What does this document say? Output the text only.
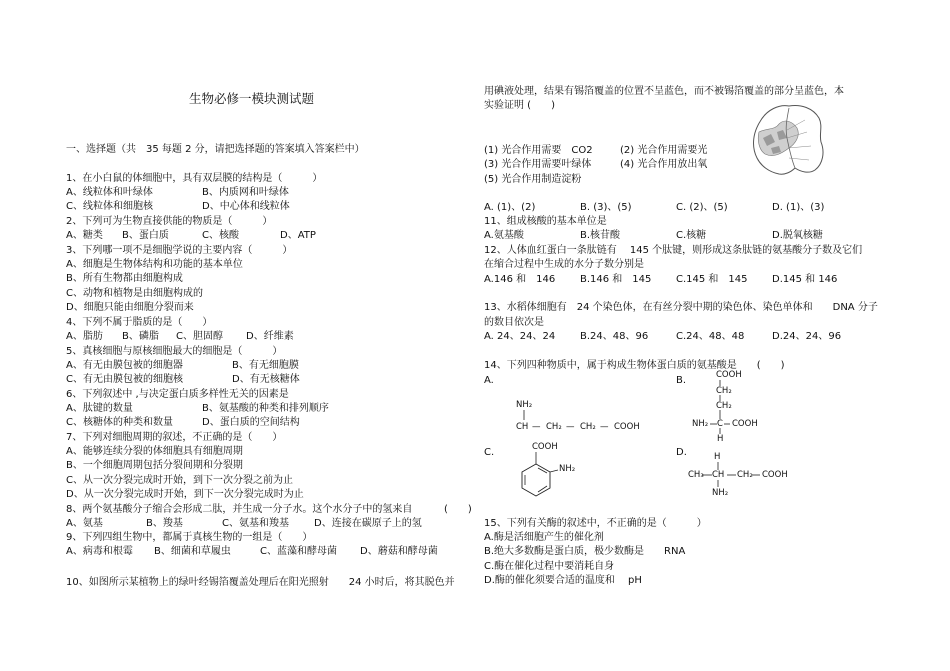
生物必修一模块测试题
一、选择题（共　35 每题 2 分，请把选择题的答案填入答案栏中）
1、在小白鼠的体细胞中，具有双层膜的结构是（　　　）
A、线粒体和叶绿体	B、内质网和叶绿体
C、线粒体和细胞核	D、中心体和线粒体
2、下列可为生物直接供能的物质是（　　　）
A、糖类 B、蛋白质	C、核酸	D、ATP
3、下列哪一项不是细胞学说的主要内容（　　　）
A、细胞是生物体结构和功能的基本单位
B、所有生物都由细胞构成
C、动物和植物是由细胞构成的
D、细胞只能由细胞分裂而来
4、下列不属于脂质的是（　　）
A、脂肪 B、磷脂 C、胆固醇 D、纤维素
5、真核细胞与原核细胞最大的细胞是（　　　）
A、有无由膜包被的细胞器	B、有无细胞膜
C、有无由膜包被的细胞核	D、有无核糖体
6、下列叙述中 ,与决定蛋白质多样性无关的因素是
A、肽键的数量	B、氨基酸的种类和排列顺序
C、核糖体的种类和数量	D、蛋白质的空间结构
7、下列对细胞周期的叙述，不正确的是（　　）
A、能够连续分裂的体细胞具有细胞周期
B、一个细胞周期包括分裂间期和分裂期
C、从一次分裂完成时开始，到下一次分裂之前为止
D、从一次分裂完成时开始，到下一次分裂完成时为止
8、两个氨基酸分子缩合会形成二肽，并生成一分子水。这个水分子中的氢来自	(　　)
A、氨基	B、羧基	C、氨基和羧基	D、连接在碳原子上的氢
9、下列四组生物中，都属于真核生物的一组是（　　）
A、病毒和根霉 B、细菌和草履虫	C、蓝藻和酵母菌 D、蘑菇和酵母菌
10、如图所示某植物上的绿叶经锡箔覆盖处理后在阳光照射　　24 小时后，将其脱色并
用碘液处理，结果有锡箔覆盖的位置不呈蓝色，而不被锡箔覆盖的部分呈蓝色，本
实验证明 (　　)
(1) 光合作用需要　CO2	(2) 光合作用需要光
(3) 光合作用需要叶绿体	(4) 光合作用放出氧
(5) 光合作用制造淀粉
A. (1)、(2)	B. (3)、(5)	C. (2)、(5)	D. (1)、(3)
11、组成核酸的基本单位是
A.氨基酸	B.核苷酸	C.核糖	D.脱氧核糖
12、人体血红蛋白一条肽链有　 145 个肽键，则形成这条肽链的氨基酸分子数及它们
在缩合过程中生成的水分子数分别是
A.146 和　146 B.146 和　145 C.145 和　145 D.145 和 146
13、水稻体细胞有　24 个染色体，在有丝分裂中期的染色体、染色单体和　　DNA 分子
的数目依次是
A. 24、24、24 B.24、48、96	C.24、48、48	D.24、24、96
14、下列四种物质中，属于构成生物体蛋白质的氨基酸是　　(　　)
A.	B.
NH₂
CH — CH₂ — CH₂ — COOH
COOH
CH₂
CH₂
NH₂ C COOH
H
C.	D.
COOH
NH₂
H
CH₃ CH CH₂ COOH
NH₂
15、下列有关酶的叙述中，不正确的是（　　　）
A.酶是活细胞产生的催化剂
B.绝大多数酶是蛋白质，极少数酶是　　RNA
C.酶在催化过程中要消耗自身
D.酶的催化须要合适的温度和　 pH
